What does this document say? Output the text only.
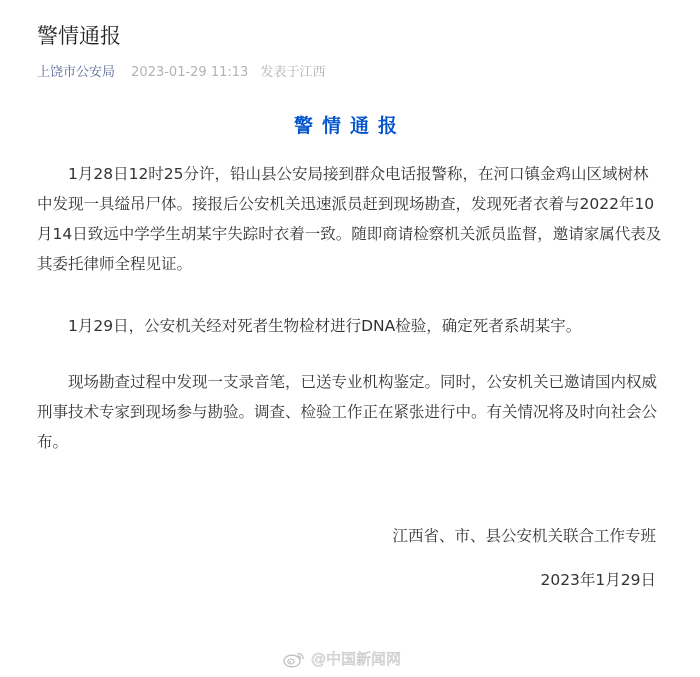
警情通报
上饶市公安局 2023-01-29 11:13 发表于江西
警情通报

1月28日12时25分许，铅山县公安局接到群众电话报警称，在河口镇金鸡山区域树林中发现一具缢吊尸体。接报后公安机关迅速派员赶到现场勘查，发现死者衣着与2022年10月14日致远中学学生胡某宇失踪时衣着一致。随即商请检察机关派员监督，邀请家属代表及其委托律师全程见证。

1月29日，公安机关经对死者生物检材进行DNA检验，确定死者系胡某宇。

现场勘查过程中发现一支录音笔，已送专业机构鉴定。同时，公安机关已邀请国内权威刑事技术专家到现场参与勘验。调查、检验工作正在紧张进行中。有关情况将及时向社会公布。

江西省、市、县公安机关联合工作专班
2023年1月29日
@中国新闻网
